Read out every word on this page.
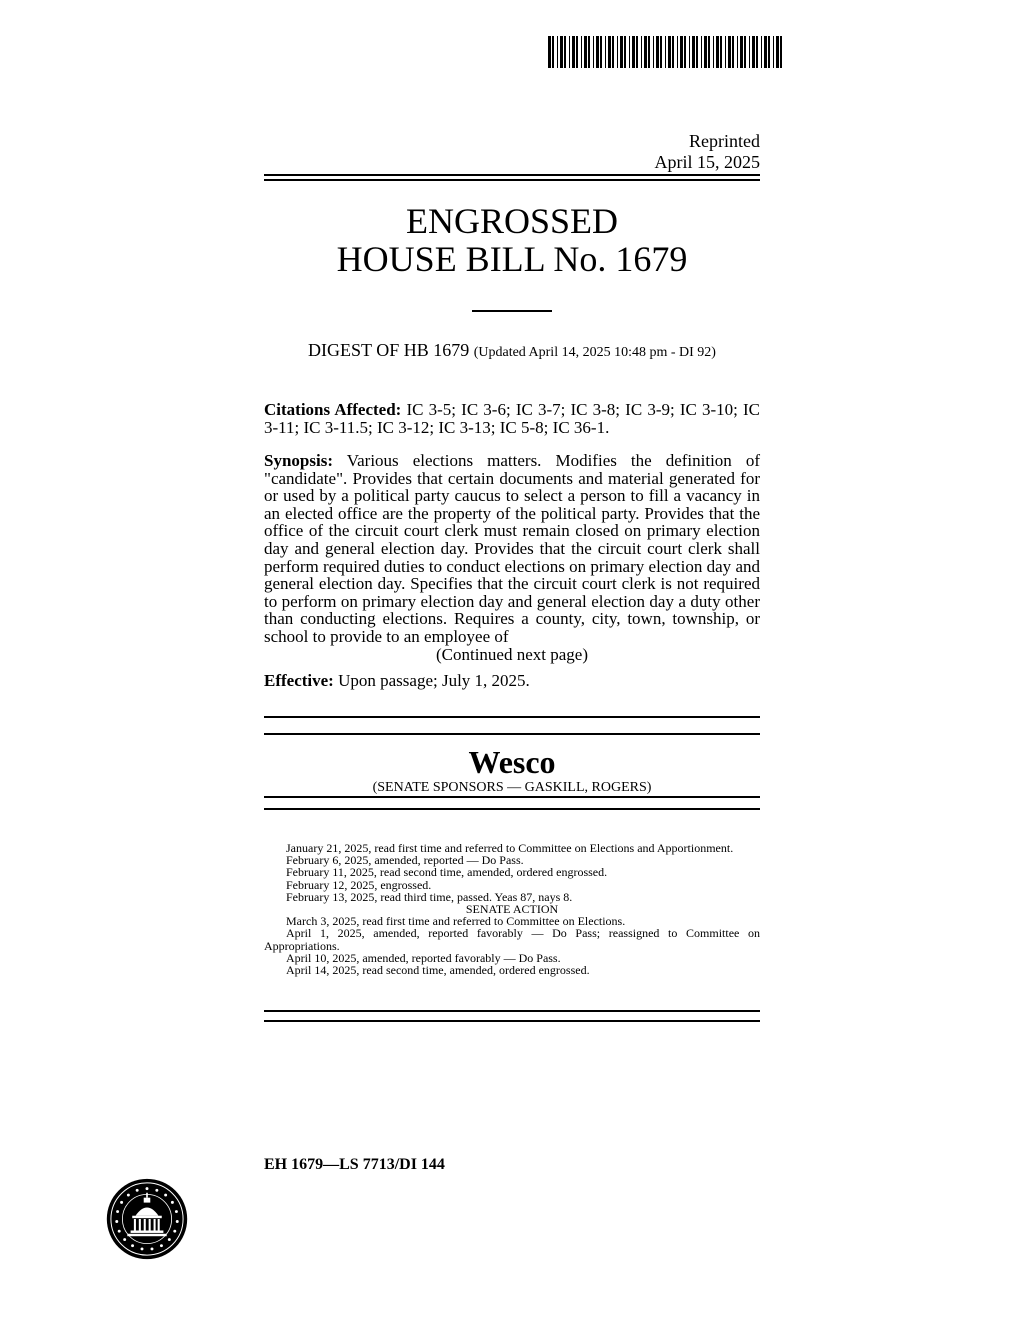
Reprinted
April 15, 2025
ENGROSSED
HOUSE BILL No. 1679
DIGEST OF HB 1679 (Updated April 14, 2025 10:48 pm - DI 92)
Citations Affected: IC 3-5; IC 3-6; IC 3-7; IC 3-8; IC 3-9; IC 3-10; IC 3-11; IC 3-11.5; IC 3-12; IC 3-13; IC 5-8; IC 36-1.
Synopsis: Various elections matters. Modifies the definition of "candidate". Provides that certain documents and material generated for or used by a political party caucus to select a person to fill a vacancy in an elected office are the property of the political party. Provides that the office of the circuit court clerk must remain closed on primary election day and general election day. Provides that the circuit court clerk shall perform required duties to conduct elections on primary election day and general election day. Specifies that the circuit court clerk is not required to perform on primary election day and general election day a duty other than conducting elections. Requires a county, city, town, township, or school to provide to an employee of
(Continued next page)
Effective: Upon passage; July 1, 2025.
Wesco
(SENATE SPONSORS — GASKILL, ROGERS)
January 21, 2025, read first time and referred to Committee on Elections and Apportionment.
February 6, 2025, amended, reported — Do Pass.
February 11, 2025, read second time, amended, ordered engrossed.
February 12, 2025, engrossed.
February 13, 2025, read third time, passed. Yeas 87, nays 8.
SENATE ACTION
March 3, 2025, read first time and referred to Committee on Elections.
April 1, 2025, amended, reported favorably — Do Pass; reassigned to Committee on Appropriations.
April 10, 2025, amended, reported favorably — Do Pass.
April 14, 2025, read second time, amended, ordered engrossed.
EH 1679—LS 7713/DI 144
